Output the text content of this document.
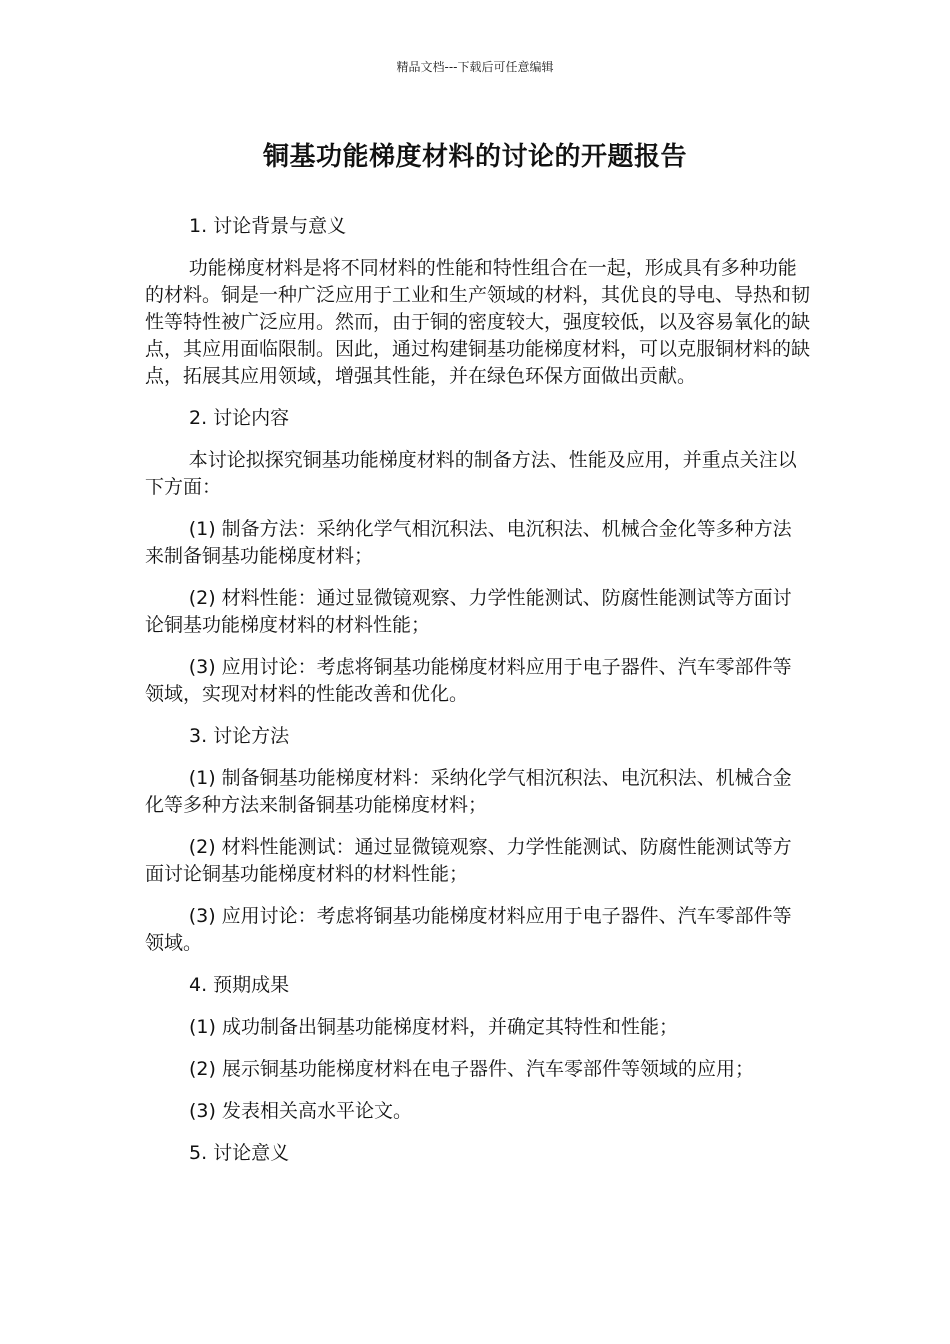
精品文档---下载后可任意编辑
铜基功能梯度材料的讨论的开题报告

1. 讨论背景与意义

功能梯度材料是将不同材料的性能和特性组合在一起，形成具有多种功能的材料。铜是一种广泛应用于工业和生产领域的材料，其优良的导电、导热和韧性等特性被广泛应用。然而，由于铜的密度较大，强度较低，以及容易氧化的缺点，其应用面临限制。因此，通过构建铜基功能梯度材料，可以克服铜材料的缺点，拓展其应用领域，增强其性能，并在绿色环保方面做出贡献。

2. 讨论内容

本讨论拟探究铜基功能梯度材料的制备方法、性能及应用，并重点关注以下方面：

(1) 制备方法：采纳化学气相沉积法、电沉积法、机械合金化等多种方法来制备铜基功能梯度材料；

(2) 材料性能：通过显微镜观察、力学性能测试、防腐性能测试等方面讨论铜基功能梯度材料的材料性能；

(3) 应用讨论：考虑将铜基功能梯度材料应用于电子器件、汽车零部件等领域，实现对材料的性能改善和优化。

3. 讨论方法

(1) 制备铜基功能梯度材料：采纳化学气相沉积法、电沉积法、机械合金化等多种方法来制备铜基功能梯度材料；

(2) 材料性能测试：通过显微镜观察、力学性能测试、防腐性能测试等方面讨论铜基功能梯度材料的材料性能；

(3) 应用讨论：考虑将铜基功能梯度材料应用于电子器件、汽车零部件等领域。

4. 预期成果

(1) 成功制备出铜基功能梯度材料，并确定其特性和性能；

(2) 展示铜基功能梯度材料在电子器件、汽车零部件等领域的应用；

(3) 发表相关高水平论文。

5. 讨论意义
